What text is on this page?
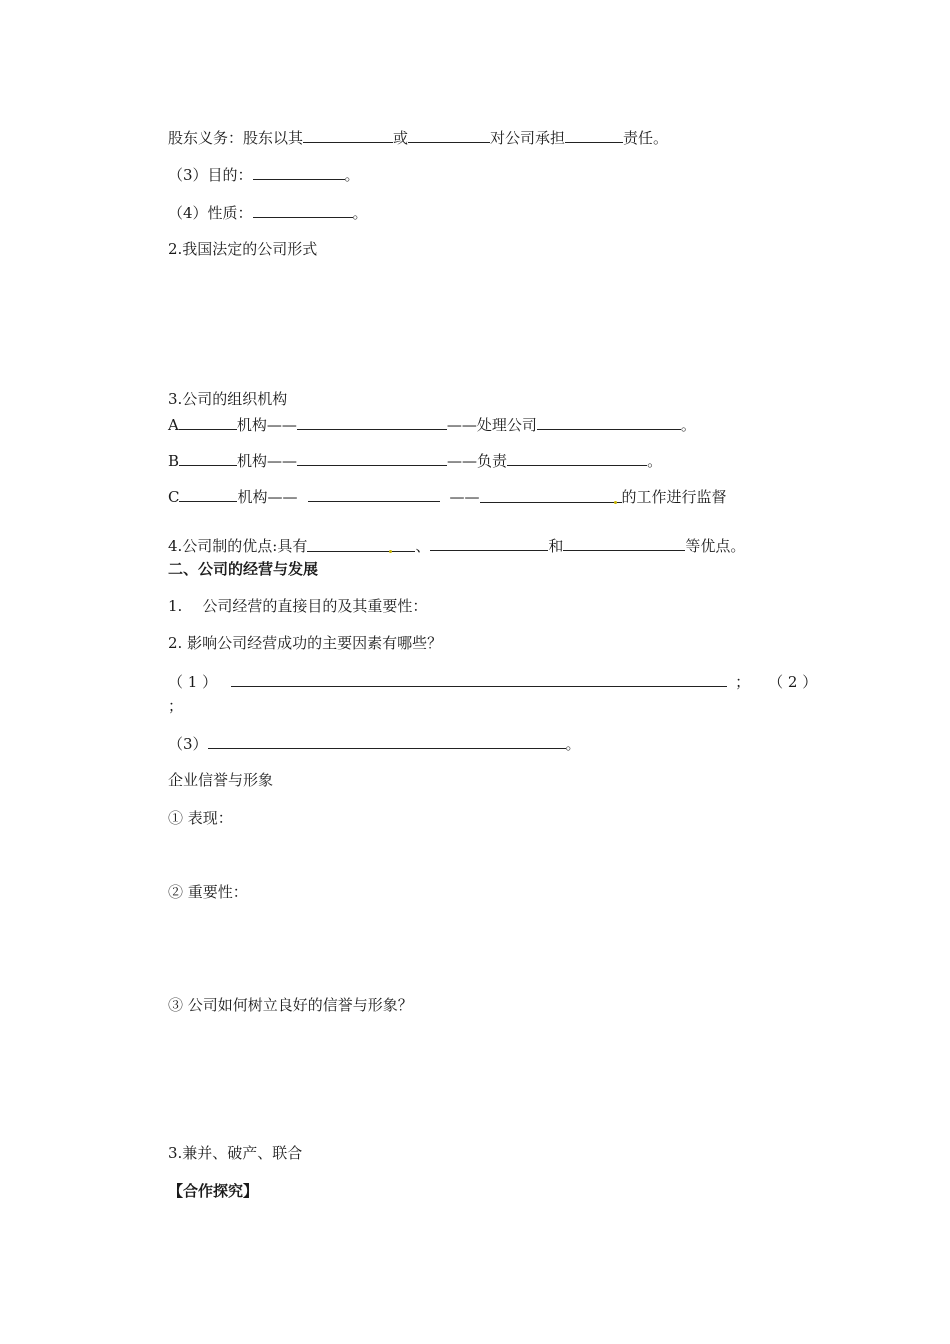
股东义务：股东以其	或	对公司承担	责任。
（3）目的：	。
（4）性质：	。
2.我国法定的公司形式
3.公司的组织机构
A	机构——	——处理公司	。
B	机构——	——负责	。
C	机构——	——	的工作进行监督
4.公司制的优点:具有	、	和	等优点。
二、公司的经营与发展
1. 公司经营的直接目的及其重要性：
2. 影响公司经营成功的主要因素有哪些？
（ 1 ）	； （ 2 ）
；
（3）	。
企业信誉与形象
① 表现：
② 重要性：
③ 公司如何树立良好的信誉与形象？
3.兼并、破产、联合
【合作探究】
